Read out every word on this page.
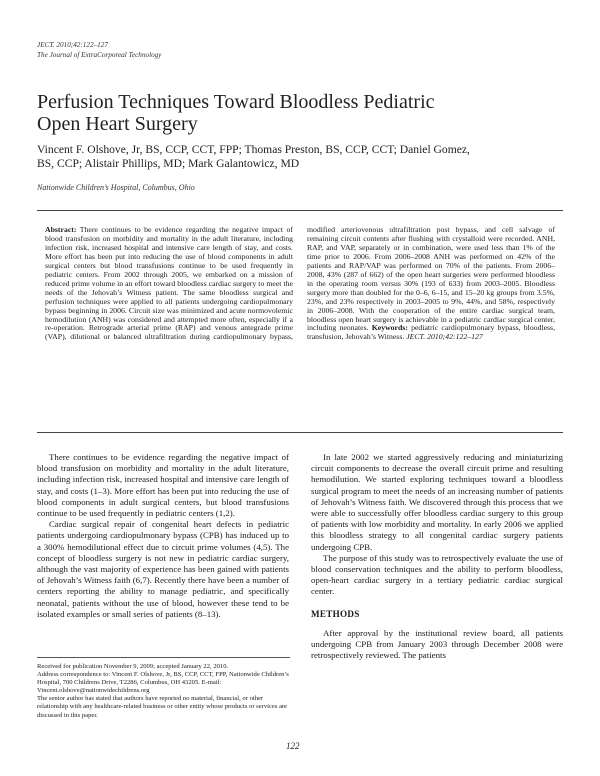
JECT. 2010;42:122–127
The Journal of ExtraCorporeal Technology
Perfusion Techniques Toward Bloodless Pediatric Open Heart Surgery
Vincent F. Olshove, Jr, BS, CCP, CCT, FPP; Thomas Preston, BS, CCP, CCT; Daniel Gomez, BS, CCP; Alistair Phillips, MD; Mark Galantowicz, MD
Nationwide Children’s Hospital, Columbus, Ohio

Abstract: There continues to be evidence regarding the negative impact of blood transfusion on morbidity and mortality in the adult literature, including infection risk, increased hospital and intensive care length of stay, and costs. More effort has been put into reducing the use of blood components in adult surgical centers but blood transfusions continue to be used frequently in pediatric centers. From 2002 through 2005, we embarked on a mission of reduced prime volume in an effort toward bloodless cardiac surgery to meet the needs of the Jehovah’s Witness patient. The same bloodless surgical and perfusion techniques were applied to all patients undergoing cardiopulmonary bypass beginning in 2006. Circuit size was minimized and acute normovolemic hemodilution (ANH) was considered and attempted more often, especially if a re-operation. Retrograde arterial prime (RAP) and venous antegrade prime (VAP), dilutional or balanced ultrafiltration during cardiopulmonary bypass, modified arteriovenous ultrafiltration post bypass, and cell salvage of remaining circuit contents after flushing with crystalloid were recorded. ANH, RAP, and VAP, separately or in combination, were used less than 1% of the time prior to 2006. From 2006–2008 ANH was performed on 42% of the patients and RAP/VAP was performed on 70% of the patients. From 2006–2008, 43% (287 of 662) of the open heart surgeries were performed bloodless in the operating room versus 30% (193 of 633) from 2003–2005. Bloodless surgery more than doubled for the 0–6, 6–15, and 15–20 kg groups from 3.5%, 23%, and 23% respectively in 2003–2005 to 9%, 44%, and 58%, respectively in 2006–2008. With the cooperation of the entire cardiac surgical team, bloodless open heart surgery is achievable in a pediatric cardiac surgical center, including neonates. Keywords: pediatric cardiopulmonary bypass, bloodless, transfusion, Jehovah’s Witness. JECT. 2010;42:122–127

There continues to be evidence regarding the negative impact of blood transfusion on morbidity and mortality in the adult literature, including infection risk, increased hospital and intensive care length of stay, and costs (1–3). More effort has been put into reducing the use of blood components in adult surgical centers, but blood transfusions continue to be used frequently in pediatric centers (1,2).

Cardiac surgical repair of congenital heart defects in pediatric patients undergoing cardiopulmonary bypass (CPB) has induced up to a 300% hemodilutional effect due to circuit prime volumes (4,5). The concept of bloodless surgery is not new in pediatric cardiac surgery, although the vast majority of experience has been gained with patients of Jehovah’s Witness faith (6,7). Recently there have been a number of centers reporting the ability to manage pediatric, and specifically neonatal, patients without the use of blood, however these tend to be isolated examples or small series of patients (8–13).

In late 2002 we started aggressively reducing and miniaturizing circuit components to decrease the overall circuit prime and resulting hemodilution. We started exploring techniques toward a bloodless surgical program to meet the needs of an increasing number of patients of Jehovah’s Witness faith. We discovered through this process that we were able to successfully offer bloodless cardiac surgery to this group of patients with low morbidity and mortality. In early 2006 we applied this bloodless strategy to all congenital cardiac surgery patients undergoing CPB.

The purpose of this study was to retrospectively evaluate the use of blood conservation techniques and the ability to perform bloodless, open-heart cardiac surgery in a tertiary pediatric cardiac surgical center.

METHODS

After approval by the institutional review board, all patients undergoing CPB from January 2003 through December 2008 were retrospectively reviewed. The patients

Received for publication November 9, 2009; accepted January 22, 2010.

Address correspondence to: Vincent F. Olshove, Jr, BS, CCP, CCT, FPP, Nationwide Children’s Hospital, 700 Childrens Drive, T2286, Columbus, OH 43205. E-mail: Vincent.olshove@nationwidechildrens.org

The senior author has stated that authors have reported no material, financial, or other relationship with any healthcare-related business or other entity whose products or services are discussed in this paper.

122
